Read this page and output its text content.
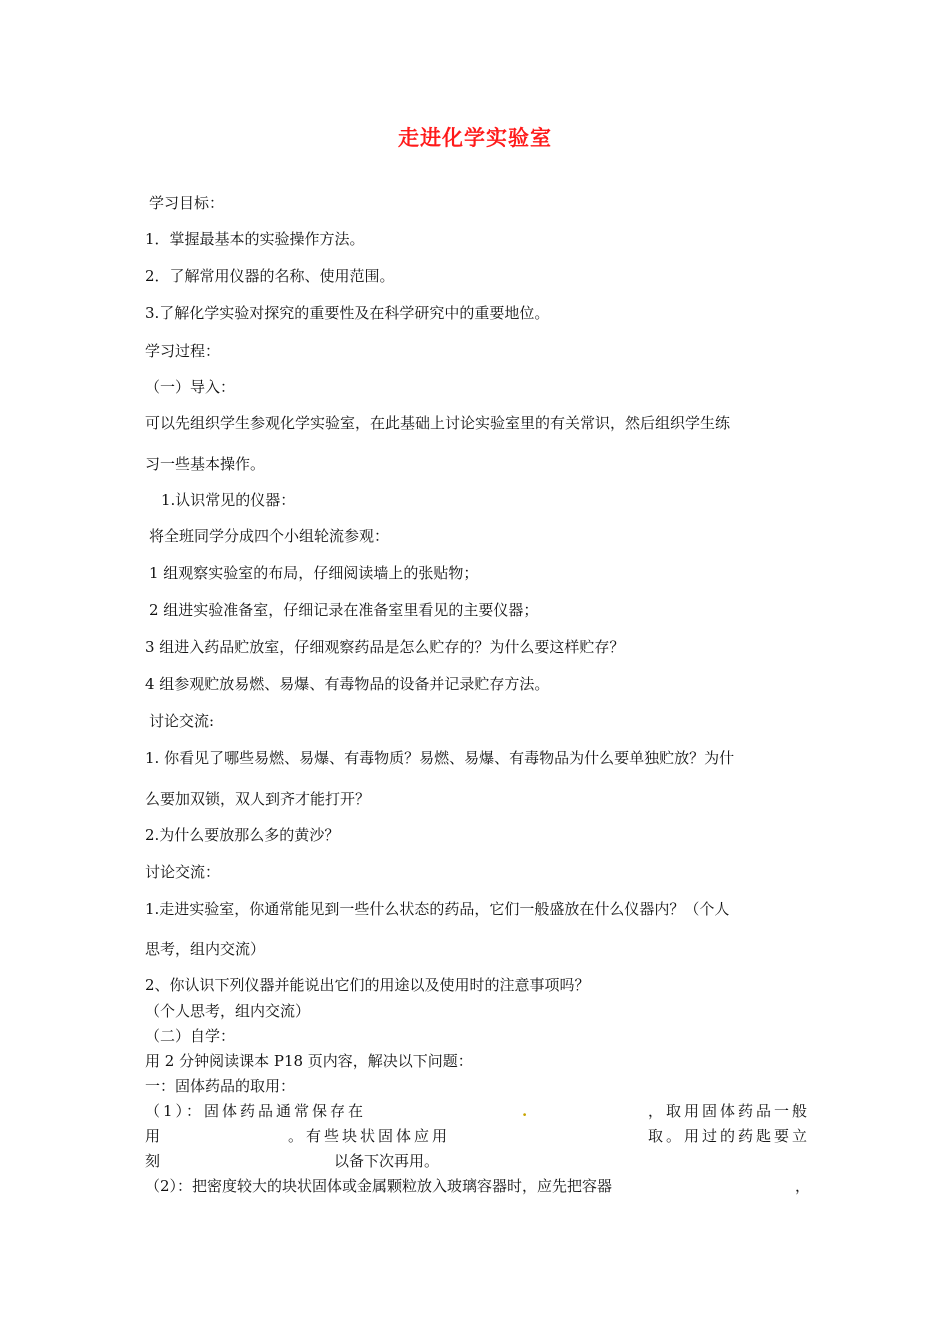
走进化学实验室
学习目标：
1．掌握最基本的实验操作方法。
2．了解常用仪器的名称、使用范围。
3.了解化学实验对探究的重要性及在科学研究中的重要地位。
学习过程：
（一）导入：
可以先组织学生参观化学实验室，在此基础上讨论实验室里的有关常识，然后组织学生练
习一些基本操作。
1.认识常见的仪器：
将全班同学分成四个小组轮流参观：
1 组观察实验室的布局，仔细阅读墙上的张贴物；
2 组进实验准备室，仔细记录在准备室里看见的主要仪器；
3 组进入药品贮放室，仔细观察药品是怎么贮存的？为什么要这样贮存？
4 组参观贮放易燃、易爆、有毒物品的设备并记录贮存方法。
讨论交流:
1. 你看见了哪些易燃、易爆、有毒物质？易燃、易爆、有毒物品为什么要单独贮放？为什
么要加双锁，双人到齐才能打开？
2.为什么要放那么多的黄沙？
讨论交流：
1.走进实验室，你通常能见到一些什么状态的药品，它们一般盛放在什么仪器内？（个人
思考，组内交流）
2、你认识下列仪器并能说出它们的用途以及使用时的注意事项吗？
（个人思考，组内交流）
（二）自学：
用 2 分钟阅读课本 P18 页内容，解决以下问题：
一：固体药品的取用：
（1）：固体药品通常保存在	.	，取用固体药品一般
用	。有些块状固体应用	取。用过的药匙要立
刻	以备下次再用。
（2）：把密度较大的块状固体或金属颗粒放入玻璃容器时，应先把容器	，
